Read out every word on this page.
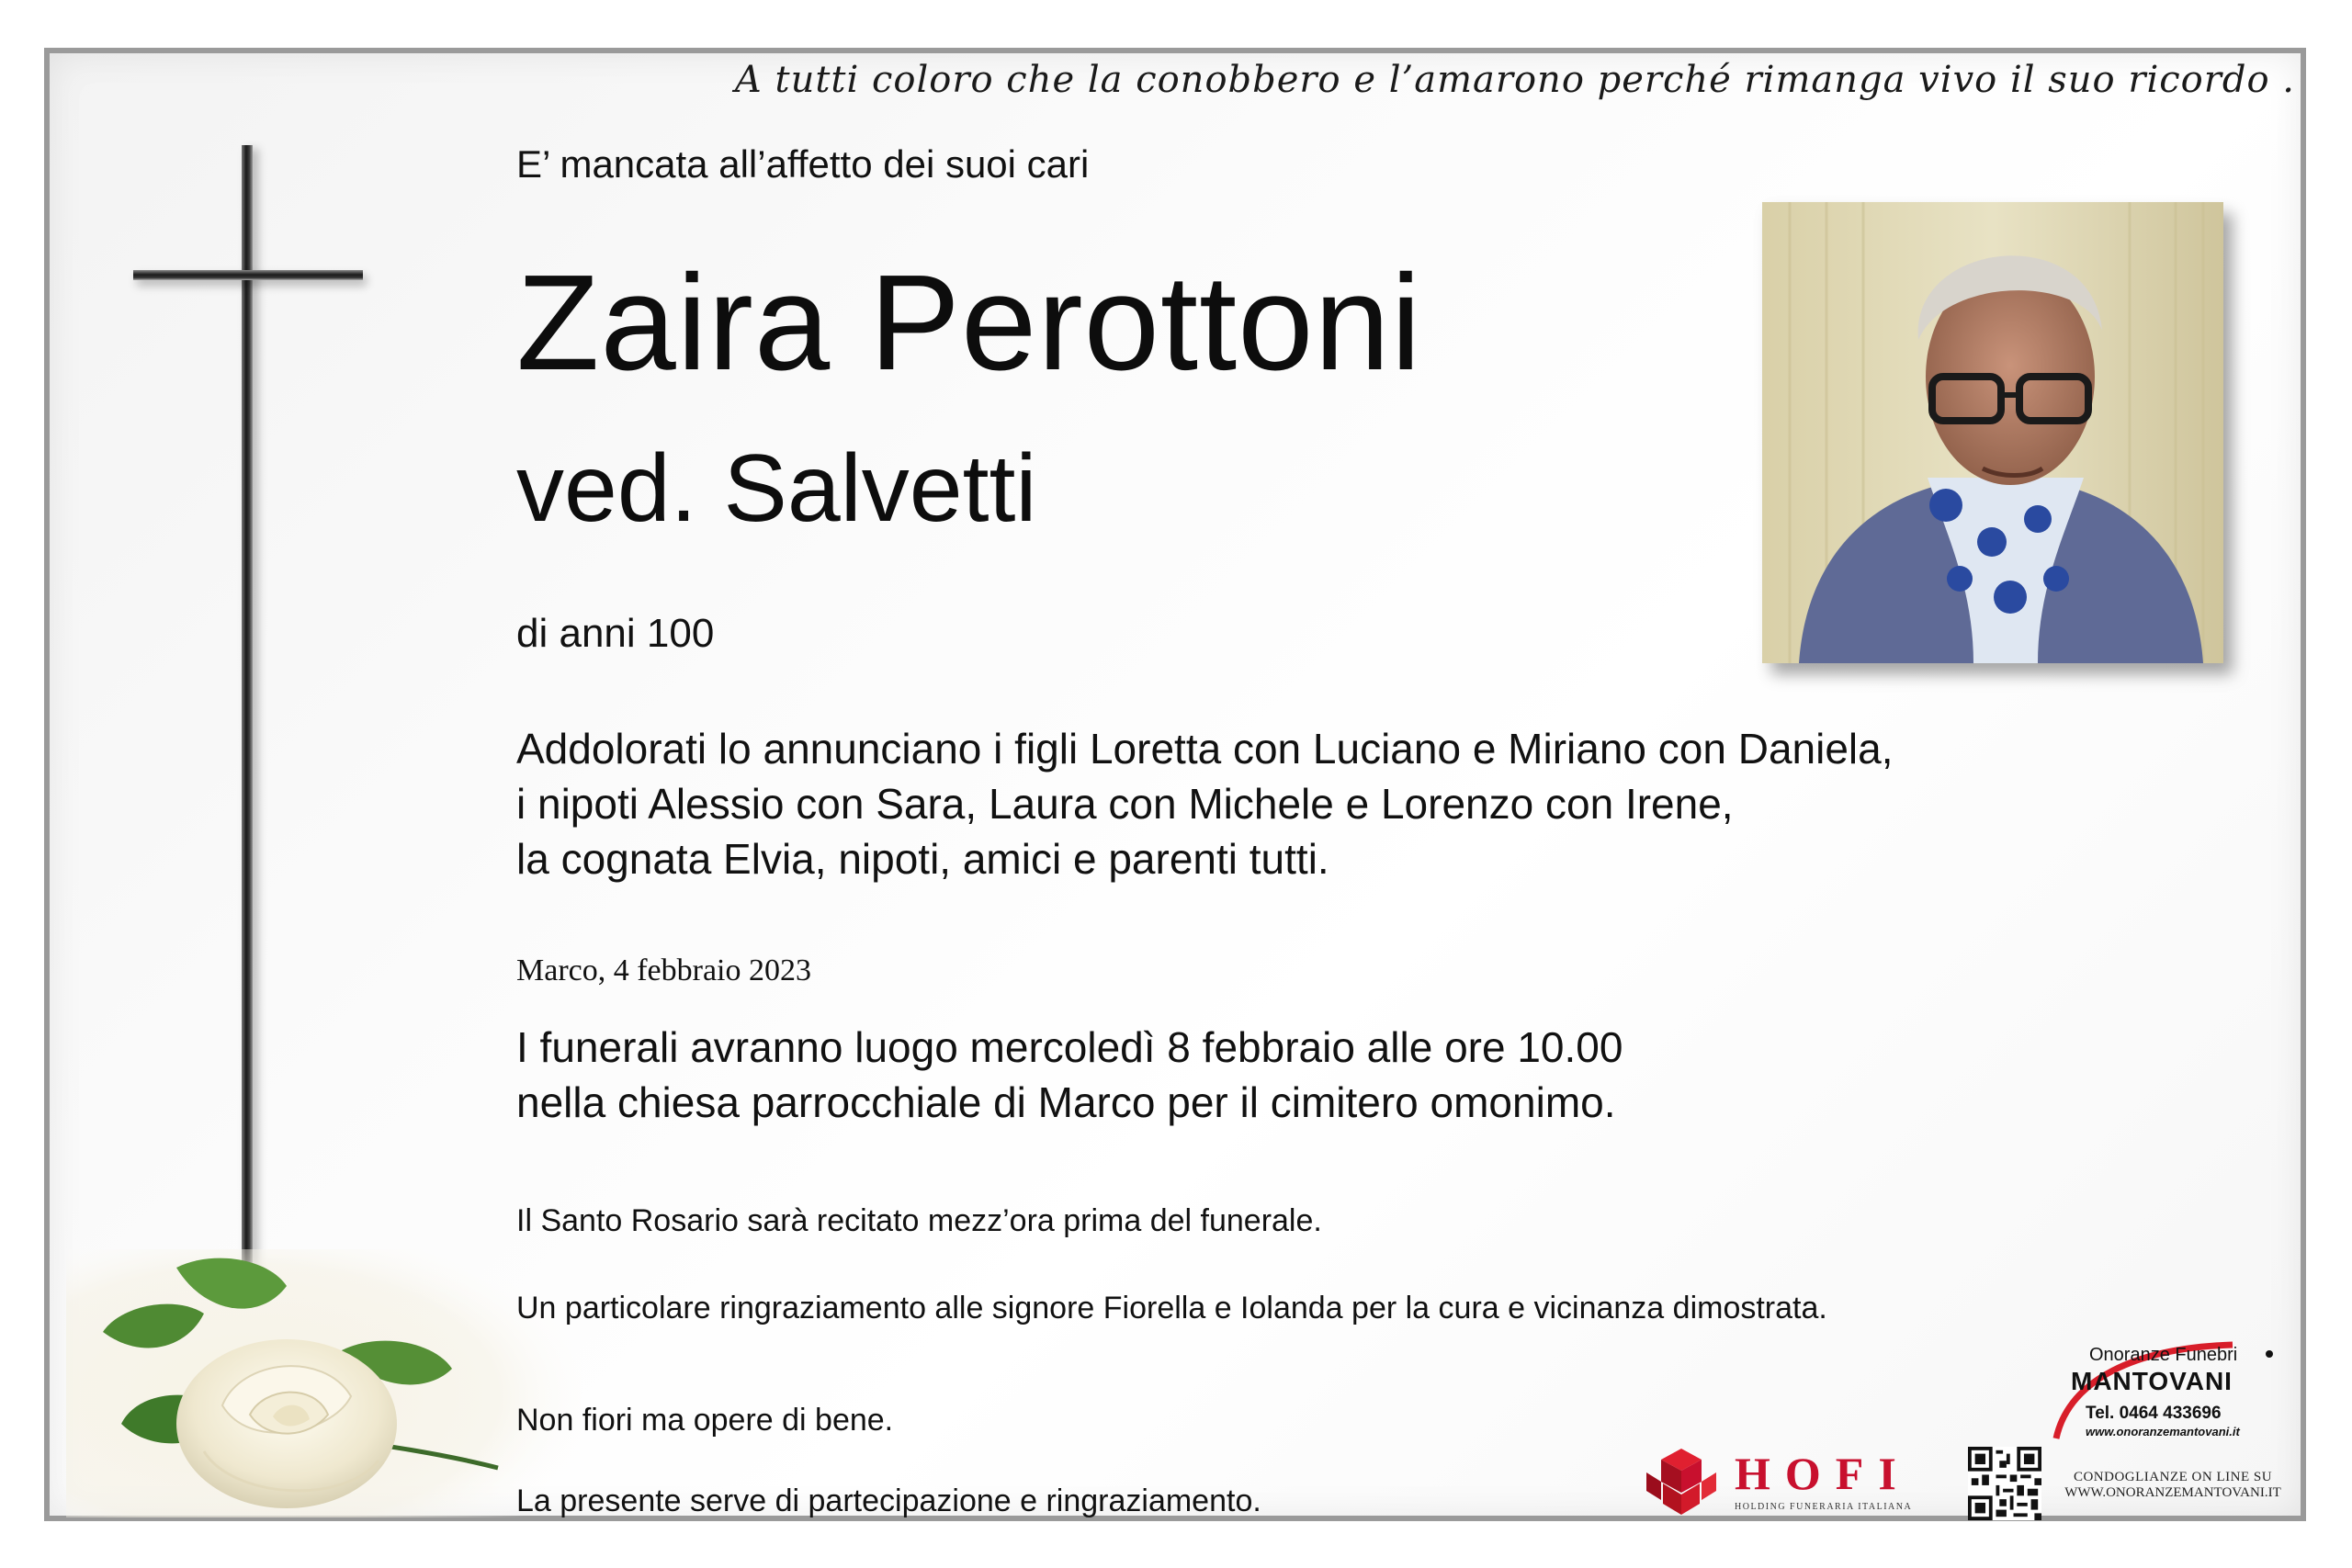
A tutti coloro che la conobbero e l’amarono perché rimanga vivo il suo ricordo .
E’ mancata all’affetto dei suoi cari
Zaira Perottoni
ved. Salvetti
di anni 100
Addolorati lo annunciano i figli Loretta con Luciano e Miriano con Daniela,
i nipoti Alessio con Sara, Laura con Michele e Lorenzo con Irene,
la cognata Elvia, nipoti, amici e parenti tutti.
Marco, 4 febbraio 2023
I funerali avranno luogo mercoledì 8 febbraio alle ore 10.00
nella chiesa parrocchiale di Marco per il cimitero omonimo.
Il Santo Rosario sarà recitato mezz’ora prima del funerale.
Un particolare ringraziamento alle signore Fiorella e Iolanda per la cura e vicinanza dimostrata.
Non fiori ma opere di bene.
La presente serve di partecipazione e ringraziamento.
HOFI
HOLDING FUNERARIA ITALIANA
Onoranze Funebri
MANTOVANI
Tel. 0464 433696
www.onoranzemantovani.it
CONDOGLIANZE ON LINE SU
WWW.ONORANZEMANTOVANI.IT
